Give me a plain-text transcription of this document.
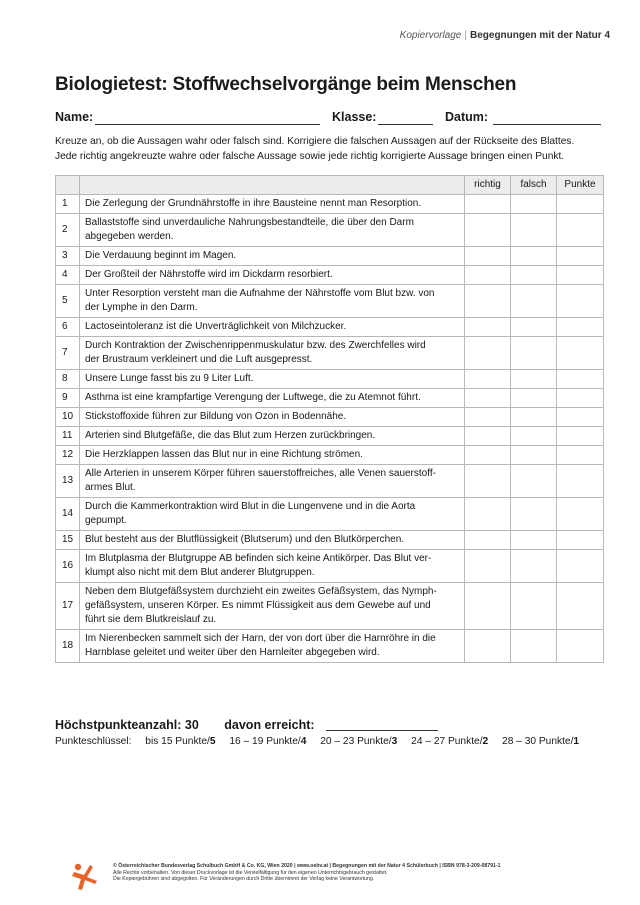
Kopiervorlage | Begegnungen mit der Natur 4
Biologietest: Stoffwechselvorgänge beim Menschen
Name:	Klasse:	Datum:
Kreuze an, ob die Aussagen wahr oder falsch sind. Korrigiere die falschen Aussagen auf der Rückseite des Blattes.
Jede richtig angekreuzte wahre oder falsche Aussage sowie jede richtig korrigierte Aussage bringen einen Punkt.
		richtig	falsch	Punkte
1	Die Zerlegung der Grundnährstoffe in ihre Bausteine nennt man Resorption.			

2	Ballaststoffe sind unverdauliche Nahrungsbestandteile, die über den Darm
abgegeben werden.			

3	Die Verdauung beginnt im Magen.			

4	Der Großteil der Nährstoffe wird im Dickdarm resorbiert.			

5	Unter Resorption versteht man die Aufnahme der Nährstoffe vom Blut bzw. von
der Lymphe in den Darm.			

6	Lactoseintoleranz ist die Unverträglichkeit von Milchzucker.			

7	Durch Kontraktion der Zwischenrippenmuskulatur bzw. des Zwerchfelles wird
der Brustraum verkleinert und die Luft ausgepresst.			

8	Unsere Lunge fasst bis zu 9 Liter Luft.			

9	Asthma ist eine krampfartige Verengung der Luftwege, die zu Atemnot führt.			

10	Stickstoffoxide führen zur Bildung von Ozon in Bodennähe.			

11	Arterien sind Blutgefäße, die das Blut zum Herzen zurückbringen.			

12	Die Herzklappen lassen das Blut nur in eine Richtung strömen.			

13	Alle Arterien in unserem Körper führen sauerstoffreiches, alle Venen sauerstoff-
armes Blut.			

14	Durch die Kammerkontraktion wird Blut in die Lungenvene und in die Aorta
gepumpt.			

15	Blut besteht aus der Blutflüssigkeit (Blutserum) und den Blutkörperchen.			

16	Im Blutplasma der Blutgruppe AB befinden sich keine Antikörper. Das Blut ver-
klumpt also nicht mit dem Blut anderer Blutgruppen.			

17	Neben dem Blutgefäßsystem durchzieht ein zweites Gefäßsystem, das Nymph-
gefäßsystem, unseren Körper. Es nimmt Flüssigkeit aus dem Gewebe auf und
führt sie dem Blutkreislauf zu.			

18	Im Nierenbecken sammelt sich der Harn, der von dort über die Harnröhre in die
Harnblase geleitet und weiter über den Harnleiter abgegeben wird.			

Höchstpunkteanzahl: 30 davon erreicht:
Punkteschlüssel: bis 15 Punkte/5 16 – 19 Punkte/4 20 – 23 Punkte/3 24 – 27 Punkte/2 28 – 30 Punkte/1
© Österreichischer Bundesverlag Schulbuch GmbH & Co. KG, Wien 2020 | www.oebv.at | Begegnungen mit der Natur 4 Schülerbuch | ISBN 978-3-209-08791-1
Alle Rechte vorbehalten. Von dieser Druckvorlage ist die Vervielfältigung für den eigenen Unterrichtsgebrauch gestattet.
Die Kopiergebühren sind abgegolten. Für Veränderungen durch Dritte übernimmt der Verlag keine Verantwortung.
